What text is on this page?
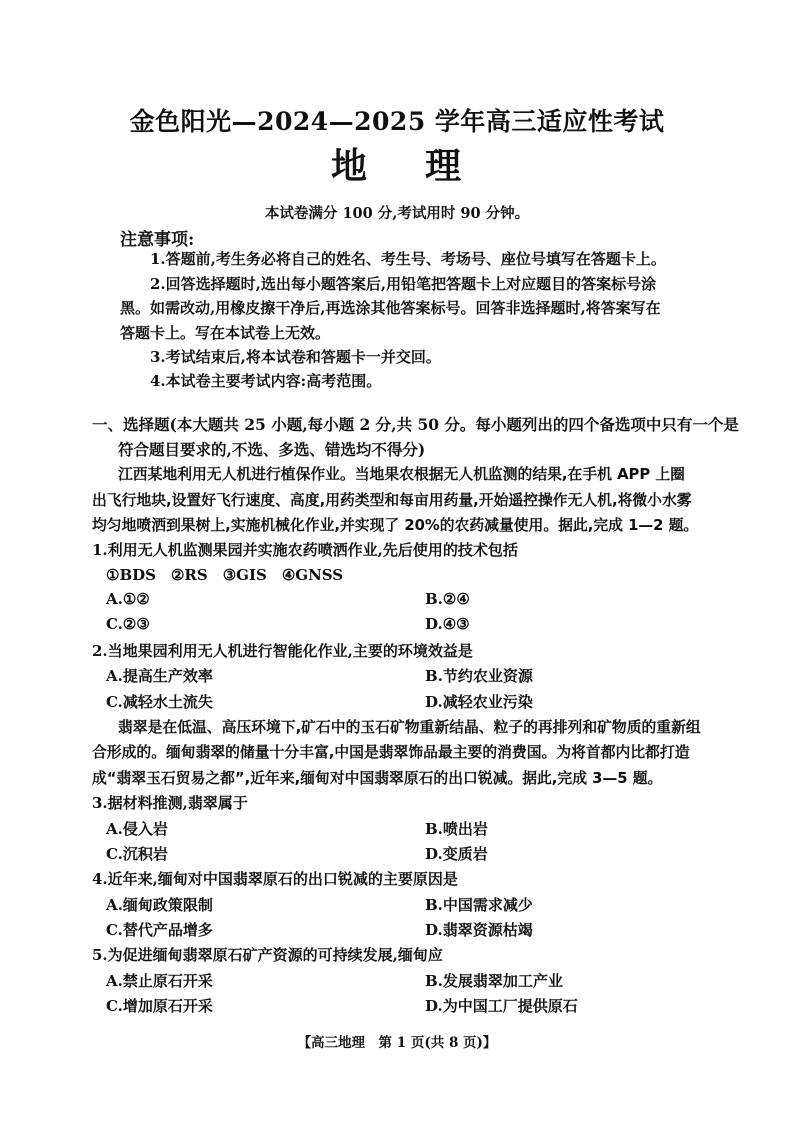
金色阳光—2024—2025 学年高三适应性考试
地 理
本试卷满分 100 分,考试用时 90 分钟。
注意事项:
1.答题前,考生务必将自己的姓名、考生号、考场号、座位号填写在答题卡上。
2.回答选择题时,选出每小题答案后,用铅笔把答题卡上对应题目的答案标号涂
黑。如需改动,用橡皮擦干净后,再选涂其他答案标号。回答非选择题时,将答案写在
答题卡上。写在本试卷上无效。
3.考试结束后,将本试卷和答题卡一并交回。
4.本试卷主要考试内容:高考范围。
一、选择题(本大题共 25 小题,每小题 2 分,共 50 分。每小题列出的四个备选项中只有一个是
符合题目要求的,不选、多选、错选均不得分)
江西某地利用无人机进行植保作业。当地果农根据无人机监测的结果,在手机 APP 上圈
出飞行地块,设置好飞行速度、高度,用药类型和每亩用药量,开始遥控操作无人机,将微小水雾
均匀地喷洒到果树上,实施机械化作业,并实现了 20%的农药减量使用。据此,完成 1—2 题。
1.利用无人机监测果园并实施农药喷洒作业,先后使用的技术包括
①BDS　②RS　③GIS　④GNSS
A.①②	B.②④
C.②③	D.④③
2.当地果园利用无人机进行智能化作业,主要的环境效益是
A.提高生产效率	B.节约农业资源
C.减轻水土流失	D.减轻农业污染
翡翠是在低温、高压环境下,矿石中的玉石矿物重新结晶、粒子的再排列和矿物质的重新组
合形成的。缅甸翡翠的储量十分丰富,中国是翡翠饰品最主要的消费国。为将首都内比都打造
成“翡翠玉石贸易之都”,近年来,缅甸对中国翡翠原石的出口锐减。据此,完成 3—5 题。
3.据材料推测,翡翠属于
A.侵入岩	B.喷出岩
C.沉积岩	D.变质岩
4.近年来,缅甸对中国翡翠原石的出口锐减的主要原因是
A.缅甸政策限制	B.中国需求减少
C.替代产品增多	D.翡翠资源枯竭
5.为促进缅甸翡翠原石矿产资源的可持续发展,缅甸应
A.禁止原石开采	B.发展翡翠加工产业
C.增加原石开采	D.为中国工厂提供原石
【高三地理　第 1 页(共 8 页)】
